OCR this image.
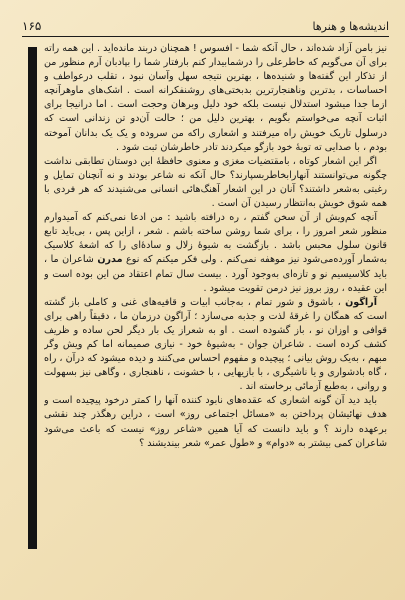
اندیشه‌ها و هنرها
۱۶۵

نیز بامن آزاد شده‌اند ، حال آنکه شما - افسوس ! همچنان دربند مانده‌اید . این همه راته برای آن می‌گویم که خاطرعلی را درشمابیدار کنم بارفتار شما را بپادبان آرم منظور من از تذکار این گفته‌ها و شنیده‌ها ، بهترین نتیجه سهل وآسان نبود ، تقلب درعواطف و احساسات ، بدترین وناهنجارترین بدبختی‌های روشنفکرانه است . اشک‌های ماوهرآنچه ازما جدا میشود استدلال نیست بلکه خود دلیل وبرهان وحجت است . اما درانیجا برای اثبات آنچه می‌خواستم بگویم ، بهترین دلیل من ؛ حالت آن‌دو تن زندانی است که درسلول تاریک خویش راه میرفتند و اشعاری راکه من سروده و یک یک بدانان آموخته بودم ، با صدایی ته توبهٔ خود بازگو میکردند تادر خاطرشان ثبت شود .

اگر این اشعار کوتاه ، بامقتضیات مغزی و معنوی حافظهٔ این دوستان تطابقی نداشت چگونه می‌توانستند آنهارابخاطربسپارند؟ حال آنکه نه شاعر بودند و نه آنچنان تمایل و رغبتی به‌شعر داشتند؟ آنان در این اشعار آهنگ‌هائی انسانی می‌شنیدند که هر فردی با همه شوق خویش به‌انتظار رسیدن آن است .

آنچه کم‌ویش از آن سخن گفتم ، ره درافته باشید : من ادعا نمی‌کنم که آمیدوارم منظور شعر امروز را ، برای شما روشن ساخته باشم . شعر ، ازاین پس ، بی‌باید تابع قانون سلول محبس باشد . بازگشت به شیوهٔ زلال و سادهٔ‌ای را که اشعهٔ کلاسیک به‌شمار آورده‌می‌شود نیز موهفه نمی‌کنم . ولی فکر میکنم که نوع مدرن شاعران ما ، باید کلاسیسیم نو و تازه‌ای به‌وجود آورد . بیست سال تمام اعتقاد من این بوده است و این عقیده ، روز بروز نیز درمن تقویت میشود .

آراگون ، باشوق و شور تمام ، به‌جانب ابیات و قافیه‌های غنی و کاملی باز گشته است که همگان را غرقهٔ لذت و جذبه می‌سازد ؛ آراگون درزمان ما ، دقیقاً راهی برای قوافی و اوزان نو ، باز گشوده است . او به شعراز یک بار دیگر لحن ساده و ظریف کشف کرده است . شاعران جوان - به‌شیوهٔ خود - نیازی صمیمانه اما کم ویش وگر مبهم ، به‌یک روش بیانی ؛ پیچیده و مفهوم احساس می‌کنند و دیده میشود که درآن ، راه ، گاه بادشواری و یا ناشیگری ، با بازیهایی ، با خشونت ، ناهنجاری ، وگاهی نیز بسهولت و روانی ، به‌طبع آزمائی برخاسته اند .

باید دید آن گونه اشعاری که عقده‌های نابود کننده آنها را کمتر درخود پیچیده است و هدف نهائیشان پرداختن به «مسائل اجتماعی روز» است ، دراین رهگذر چند نقشی برعهده دارند ؟ و باید دانست که آیا همین «شاعر روز» نیست که باعث می‌شود شاعران کمی بیشتر به «دوام» و «طول عمر» شعر بیندیشند ؟
